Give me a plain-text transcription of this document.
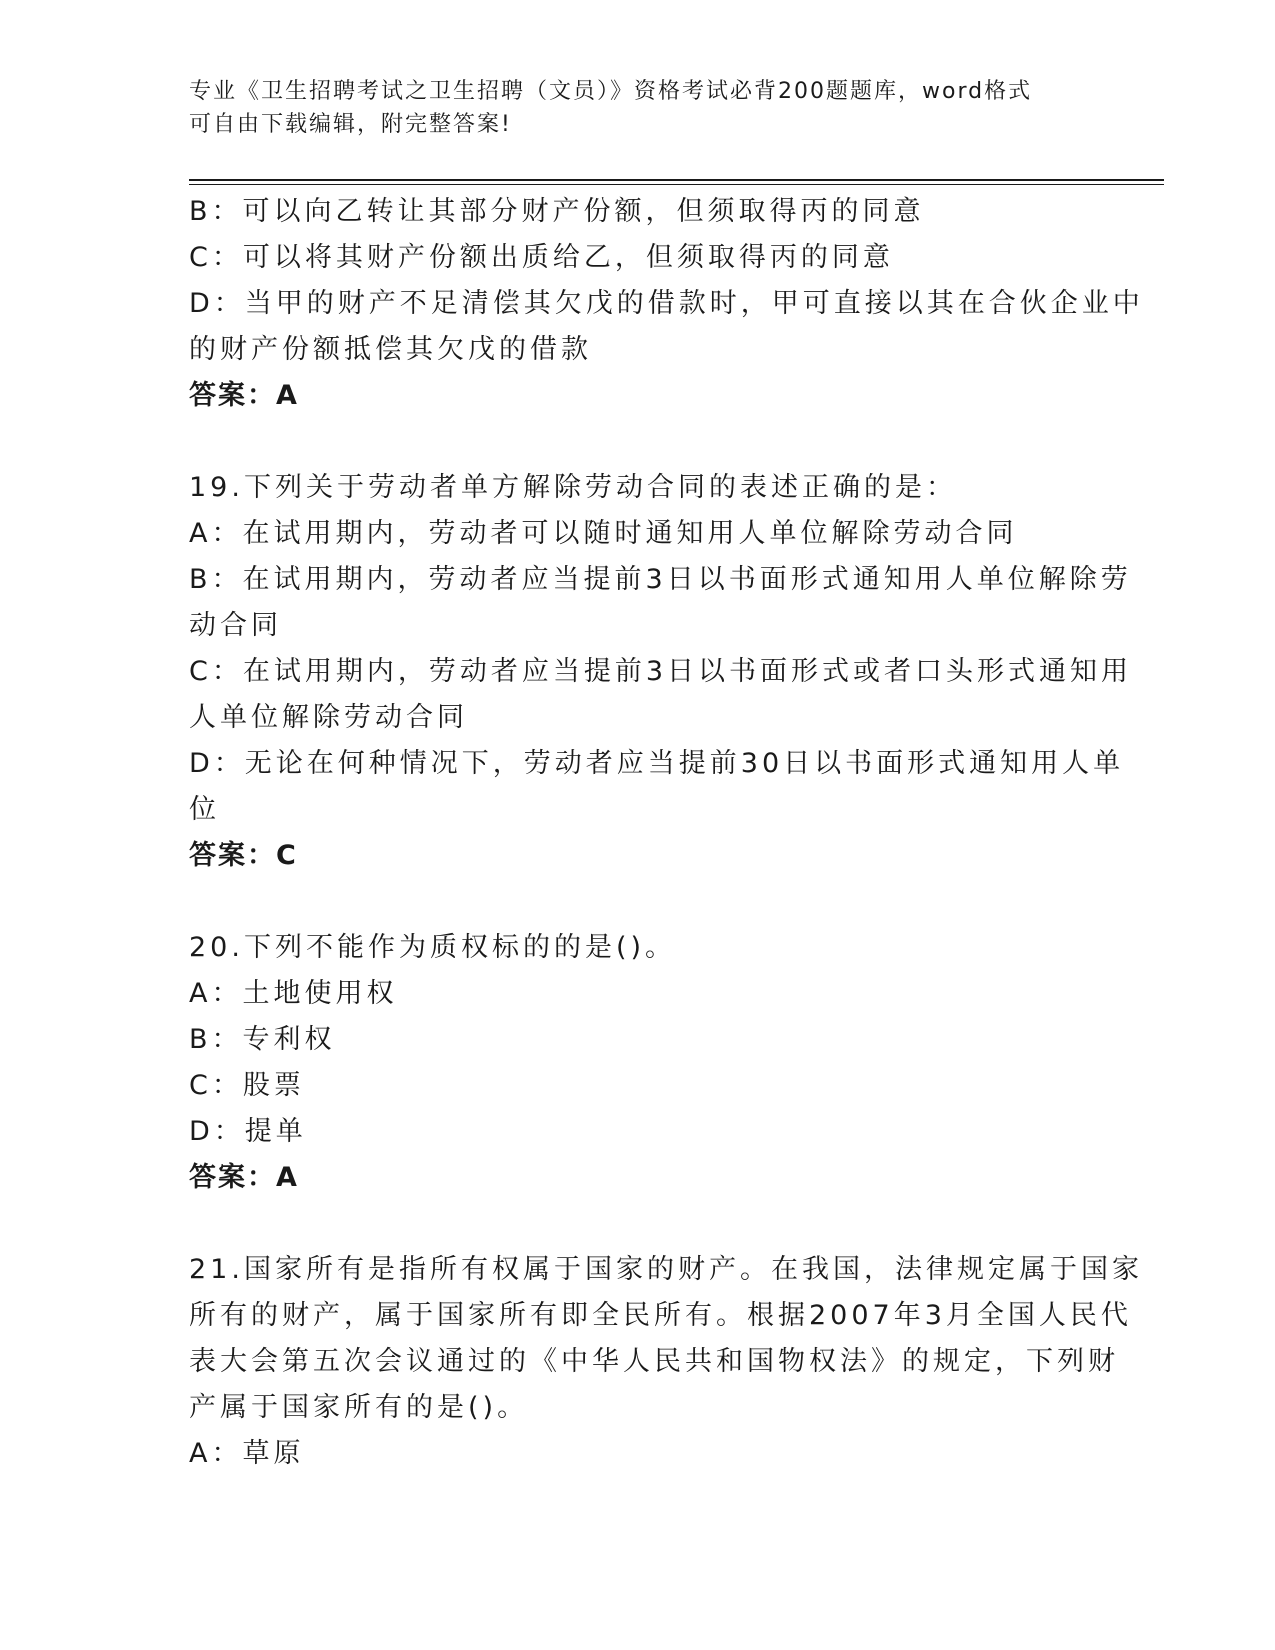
专业《卫生招聘考试之卫生招聘（文员）》资格考试必背200题题库，word格式
可自由下载编辑，附完整答案!

B：可以向乙转让其部分财产份额，但须取得丙的同意

C：可以将其财产份额出质给乙，但须取得丙的同意

D：当甲的财产不足清偿其欠戊的借款时，甲可直接以其在合伙企业中

的财产份额抵偿其欠戊的借款

答案：A

19.下列关于劳动者单方解除劳动合同的表述正确的是：

A：在试用期内，劳动者可以随时通知用人单位解除劳动合同

B：在试用期内，劳动者应当提前3日以书面形式通知用人单位解除劳

动合同

C：在试用期内，劳动者应当提前3日以书面形式或者口头形式通知用

人单位解除劳动合同

D：无论在何种情况下，劳动者应当提前30日以书面形式通知用人单

位

答案：C

20.下列不能作为质权标的的是()。

A：土地使用权

B：专利权

C：股票

D：提单

答案：A

21.国家所有是指所有权属于国家的财产。在我国，法律规定属于国家

所有的财产，属于国家所有即全民所有。根据2007年3月全国人民代

表大会第五次会议通过的《中华人民共和国物权法》的规定，下列财

产属于国家所有的是()。

A：草原
